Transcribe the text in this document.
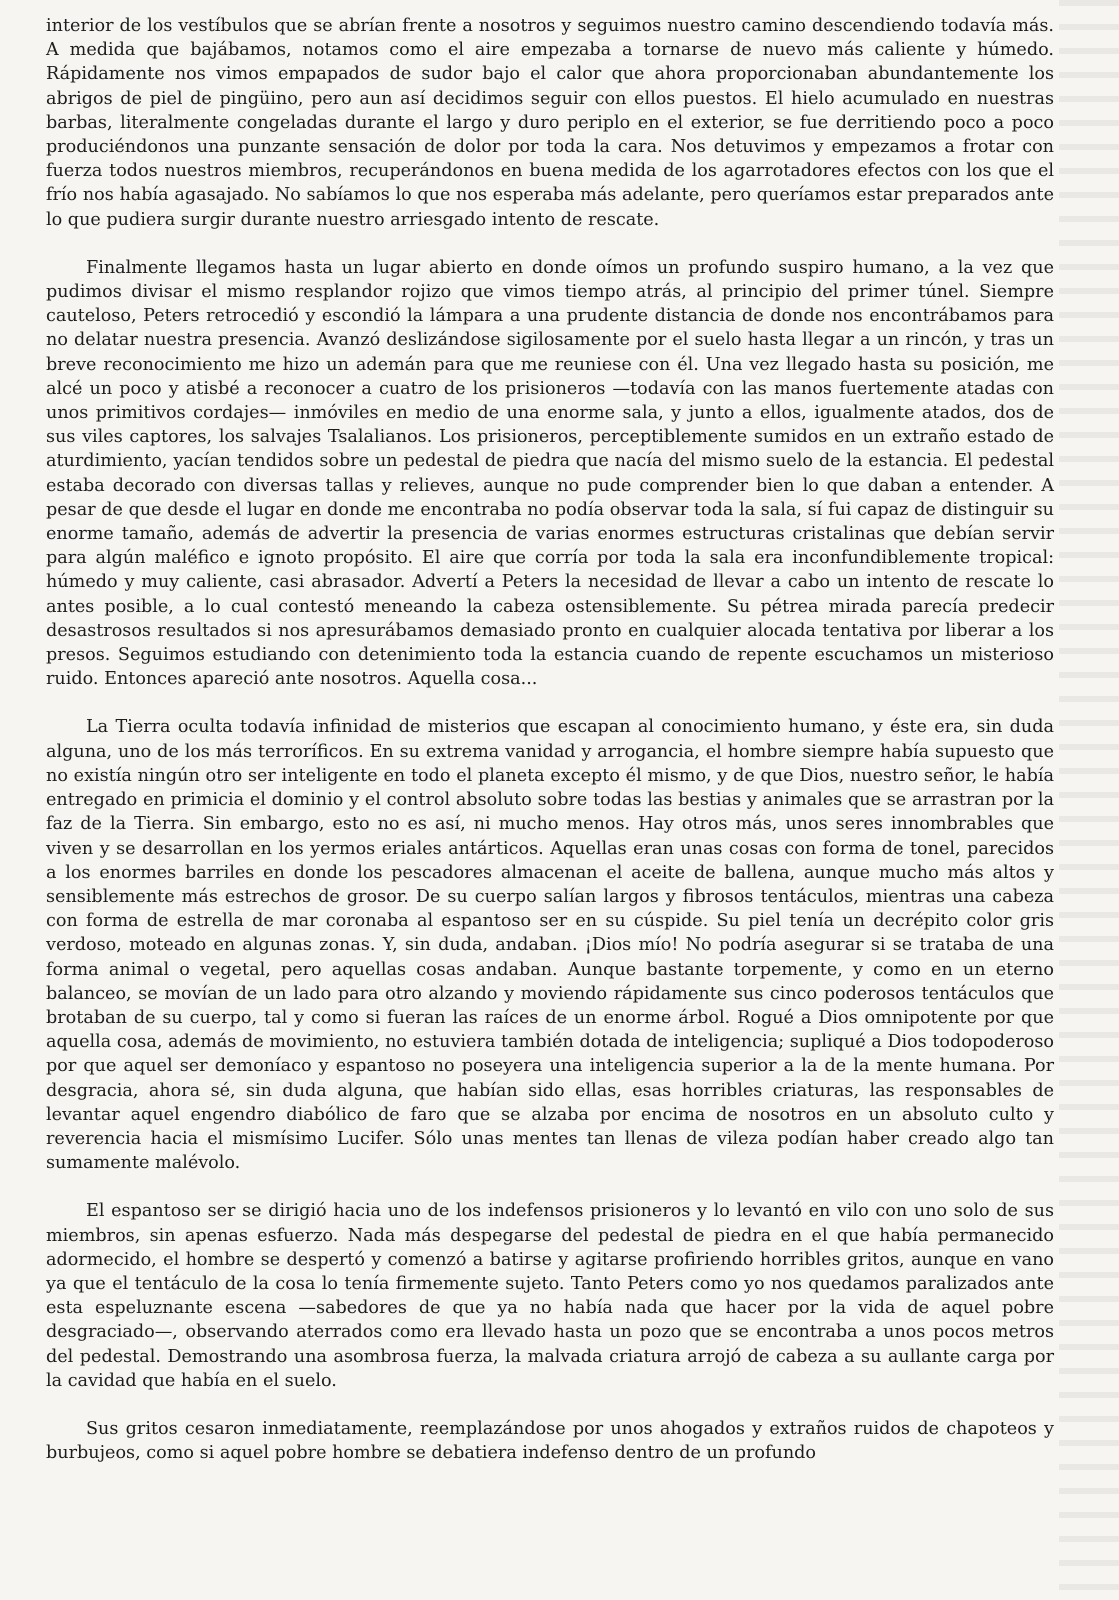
interior de los vestíbulos que se abrían frente a nosotros y seguimos nuestro camino descendiendo todavía más. A medida que bajábamos, notamos como el aire empezaba a tornarse de nuevo más caliente y húmedo. Rápidamente nos vimos empapados de sudor bajo el calor que ahora proporcionaban abundantemente los abrigos de piel de pingüino, pero aun así decidimos seguir con ellos puestos. El hielo acumulado en nuestras barbas, literalmente congeladas durante el largo y duro periplo en el exterior, se fue derritiendo poco a poco produciéndonos una punzante sensación de dolor por toda la cara. Nos detuvimos y empezamos a frotar con fuerza todos nuestros miembros, recuperándonos en buena medida de los agarrotadores efectos con los que el frío nos había agasajado. No sabíamos lo que nos esperaba más adelante, pero queríamos estar preparados ante lo que pudiera surgir durante nuestro arriesgado intento de rescate.

Finalmente llegamos hasta un lugar abierto en donde oímos un profundo suspiro humano, a la vez que pudimos divisar el mismo resplandor rojizo que vimos tiempo atrás, al principio del primer túnel. Siempre cauteloso, Peters retrocedió y escondió la lámpara a una prudente distancia de donde nos encontrábamos para no delatar nuestra presencia. Avanzó deslizándose sigilosamente por el suelo hasta llegar a un rincón, y tras un breve reconocimiento me hizo un ademán para que me reuniese con él. Una vez llegado hasta su posición, me alcé un poco y atisbé a reconocer a cuatro de los prisioneros —todavía con las manos fuertemente atadas con unos primitivos cordajes— inmóviles en medio de una enorme sala, y junto a ellos, igualmente atados, dos de sus viles captores, los salvajes Tsalalianos. Los prisioneros, perceptiblemente sumidos en un extraño estado de aturdimiento, yacían tendidos sobre un pedestal de piedra que nacía del mismo suelo de la estancia. El pedestal estaba decorado con diversas tallas y relieves, aunque no pude comprender bien lo que daban a entender. A pesar de que desde el lugar en donde me encontraba no podía observar toda la sala, sí fui capaz de distinguir su enorme tamaño, además de advertir la presencia de varias enormes estructuras cristalinas que debían servir para algún maléfico e ignoto propósito. El aire que corría por toda la sala era inconfundiblemente tropical: húmedo y muy caliente, casi abrasador. Advertí a Peters la necesidad de llevar a cabo un intento de rescate lo antes posible, a lo cual contestó meneando la cabeza ostensiblemente. Su pétrea mirada parecía predecir desastrosos resultados si nos apresurábamos demasiado pronto en cualquier alocada tentativa por liberar a los presos. Seguimos estudiando con detenimiento toda la estancia cuando de repente escuchamos un misterioso ruido. Entonces apareció ante nosotros. Aquella cosa...

La Tierra oculta todavía infinidad de misterios que escapan al conocimiento humano, y éste era, sin duda alguna, uno de los más terroríficos. En su extrema vanidad y arrogancia, el hombre siempre había supuesto que no existía ningún otro ser inteligente en todo el planeta excepto él mismo, y de que Dios, nuestro señor, le había entregado en primicia el dominio y el control absoluto sobre todas las bestias y animales que se arrastran por la faz de la Tierra. Sin embargo, esto no es así, ni mucho menos. Hay otros más, unos seres innombrables que viven y se desarrollan en los yermos eriales antárticos. Aquellas eran unas cosas con forma de tonel, parecidos a los enormes barriles en donde los pescadores almacenan el aceite de ballena, aunque mucho más altos y sensiblemente más estrechos de grosor. De su cuerpo salían largos y fibrosos tentáculos, mientras una cabeza con forma de estrella de mar coronaba al espantoso ser en su cúspide. Su piel tenía un decrépito color gris verdoso, moteado en algunas zonas. Y, sin duda, andaban. ¡Dios mío! No podría asegurar si se trataba de una forma animal o vegetal, pero aquellas cosas andaban. Aunque bastante torpemente, y como en un eterno balanceo, se movían de un lado para otro alzando y moviendo rápidamente sus cinco poderosos tentáculos que brotaban de su cuerpo, tal y como si fueran las raíces de un enorme árbol. Rogué a Dios omnipotente por que aquella cosa, además de movimiento, no estuviera también dotada de inteligencia; supliqué a Dios todopoderoso por que aquel ser demoníaco y espantoso no poseyera una inteligencia superior a la de la mente humana. Por desgracia, ahora sé, sin duda alguna, que habían sido ellas, esas horribles criaturas, las responsables de levantar aquel engendro diabólico de faro que se alzaba por encima de nosotros en un absoluto culto y reverencia hacia el mismísimo Lucifer. Sólo unas mentes tan llenas de vileza podían haber creado algo tan sumamente malévolo.

El espantoso ser se dirigió hacia uno de los indefensos prisioneros y lo levantó en vilo con uno solo de sus miembros, sin apenas esfuerzo. Nada más despegarse del pedestal de piedra en el que había permanecido adormecido, el hombre se despertó y comenzó a batirse y agitarse profiriendo horribles gritos, aunque en vano ya que el tentáculo de la cosa lo tenía firmemente sujeto. Tanto Peters como yo nos quedamos paralizados ante esta espeluznante escena —sabedores de que ya no había nada que hacer por la vida de aquel pobre desgraciado—, observando aterrados como era llevado hasta un pozo que se encontraba a unos pocos metros del pedestal. Demostrando una asombrosa fuerza, la malvada criatura arrojó de cabeza a su aullante carga por la cavidad que había en el suelo.

Sus gritos cesaron inmediatamente, reemplazándose por unos ahogados y extraños ruidos de chapoteos y burbujeos, como si aquel pobre hombre se debatiera indefenso dentro de un profundo
